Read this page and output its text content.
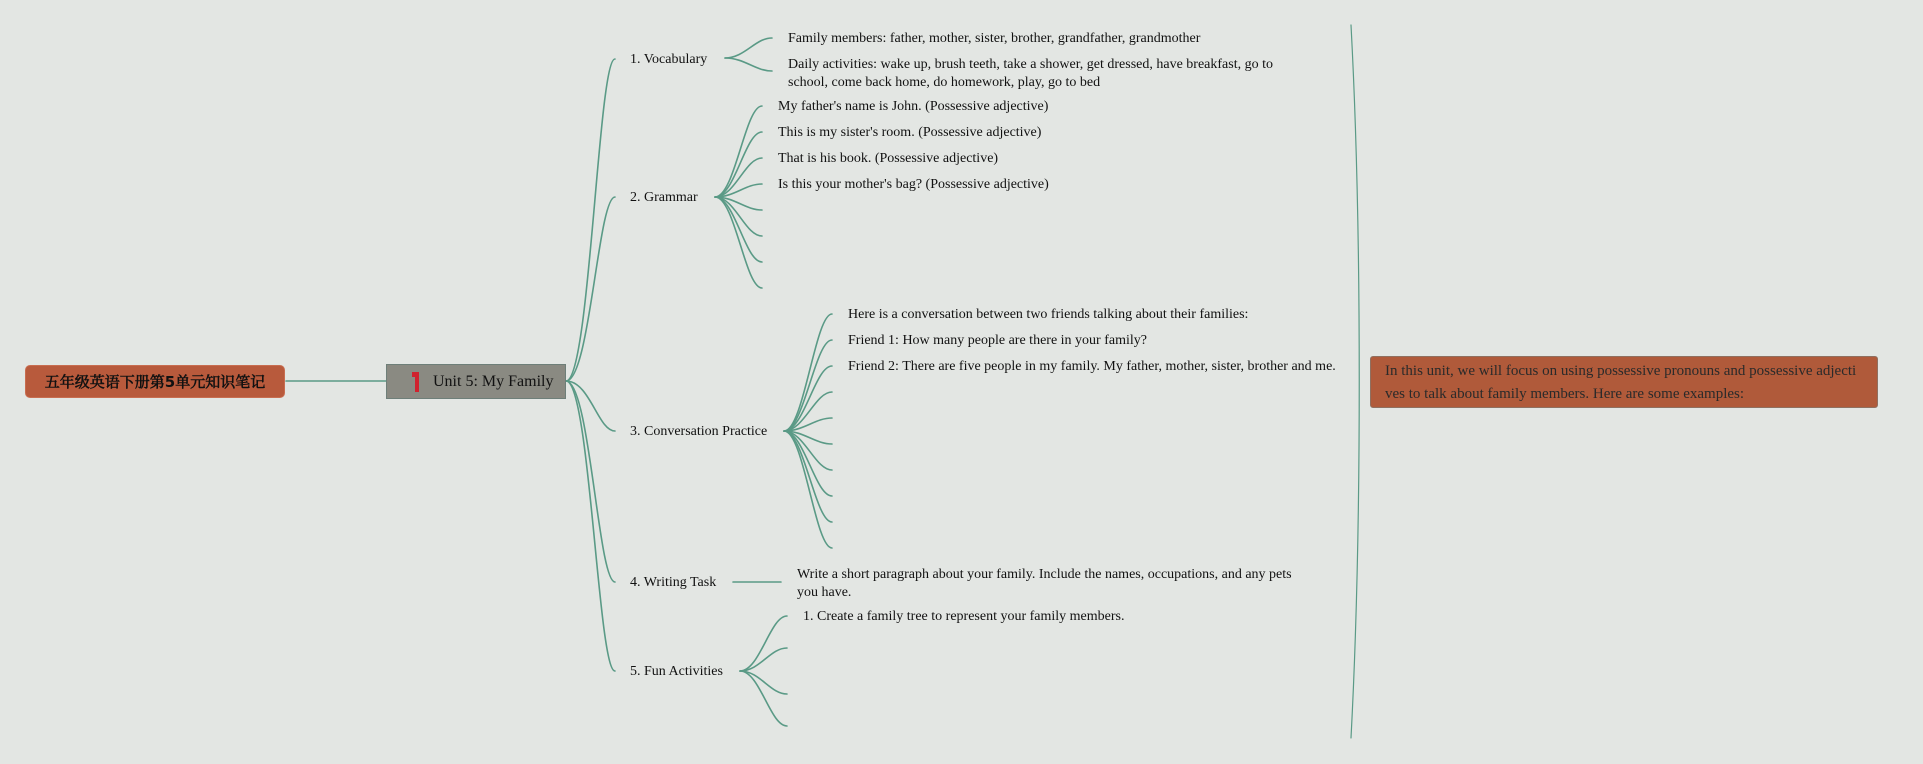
五年级英语下册第5单元知识笔记	Unit 5: My Family
1. Vocabulary
2. Grammar
3. Conversation Practice
4. Writing Task
5. Fun Activities
Family members: father, mother, sister, brother, grandfather, grandmother
Daily activities: wake up, brush teeth, take a shower, get dressed, have breakfast, go to school, come back home, do homework, play, go to bed
My father's name is John. (Possessive adjective)
This is my sister's room. (Possessive adjective)
That is his book. (Possessive adjective)
Is this your mother's bag? (Possessive adjective)
Here is a conversation between two friends talking about their families:
Friend 1: How many people are there in your family?
Friend 2: There are five people in my family. My father, mother, sister, brother and me.
Write a short paragraph about your family. Include the names, occupations, and any pets you have.
1. Create a family tree to represent your family members.
In this unit, we will focus on using possessive pronouns and possessive adjectives to talk about family members. Here are some examples:
